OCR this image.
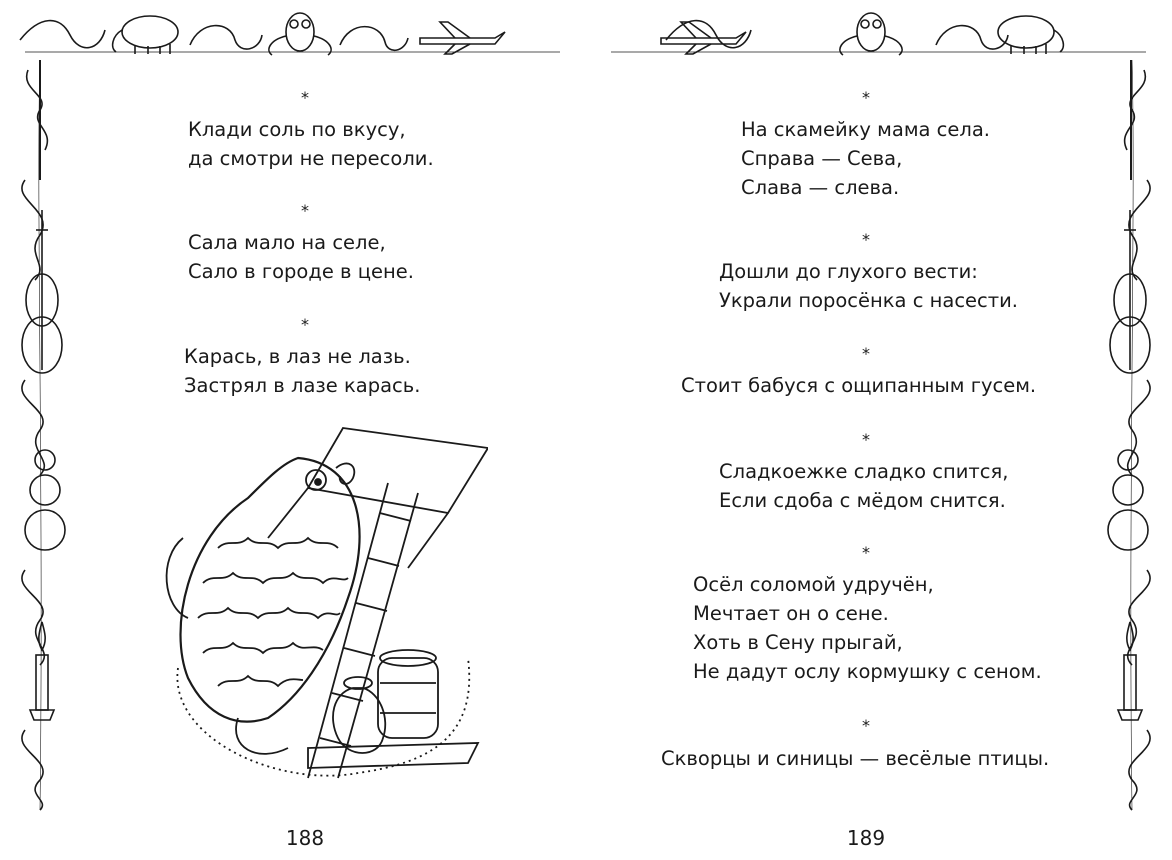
*
Клади соль по вкусу,
да смотри не пересоли.
*
Сала мало на селе,
Сало в городе в цене.
*
Карась, в лаз не лазь.
Застрял в лазе карась.
188
*
На скамейку мама села.
Справа — Сева,
Слава — слева.
*
Дошли до глухого вести:
Украли поросёнка с насести.
*
Стоит бабуся с ощипанным гусем.
*
Сладкоежке сладко спится,
Если сдоба с мёдом снится.
*
Осёл соломой удручён,
Мечтает он о сене.
Хоть в Сену прыгай,
Не дадут ослу кормушку с сеном.
*
Скворцы и синицы — весёлые птицы.
189
